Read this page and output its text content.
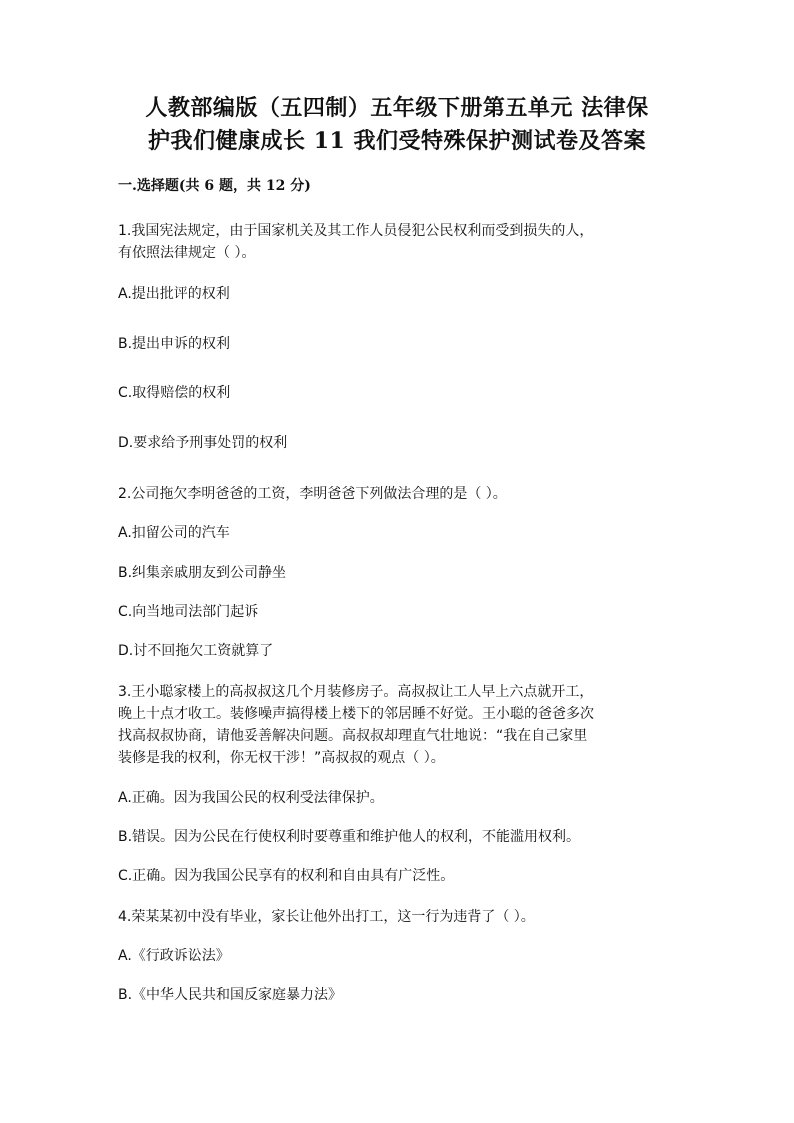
人教部编版（五四制）五年级下册第五单元 法律保
护我们健康成长 11 我们受特殊保护测试卷及答案
一.选择题(共 6 题，共 12 分)
1.我国宪法规定，由于国家机关及其工作人员侵犯公民权利而受到损失的人，
有依照法律规定（ ）。
A.提出批评的权利
B.提出申诉的权利
C.取得赔偿的权利
D.要求给予刑事处罚的权利
2.公司拖欠李明爸爸的工资，李明爸爸下列做法合理的是（ ）。
A.扣留公司的汽车
B.纠集亲戚朋友到公司静坐
C.向当地司法部门起诉
D.讨不回拖欠工资就算了
3.王小聪家楼上的高叔叔这几个月装修房子。高叔叔让工人早上六点就开工，
晚上十点才收工。装修噪声搞得楼上楼下的邻居睡不好觉。王小聪的爸爸多次
找高叔叔协商，请他妥善解决问题。高叔叔却理直气壮地说：“我在自己家里
装修是我的权利，你无权干涉！”高叔叔的观点（ ）。
A.正确。因为我国公民的权利受法律保护。
B.错误。因为公民在行使权利时要尊重和维护他人的权利，不能滥用权利。
C.正确。因为我国公民享有的权利和自由具有广泛性。
4.荣某某初中没有毕业，家长让他外出打工，这一行为违背了（ ）。
A.《行政诉讼法》
B.《中华人民共和国反家庭暴力法》
